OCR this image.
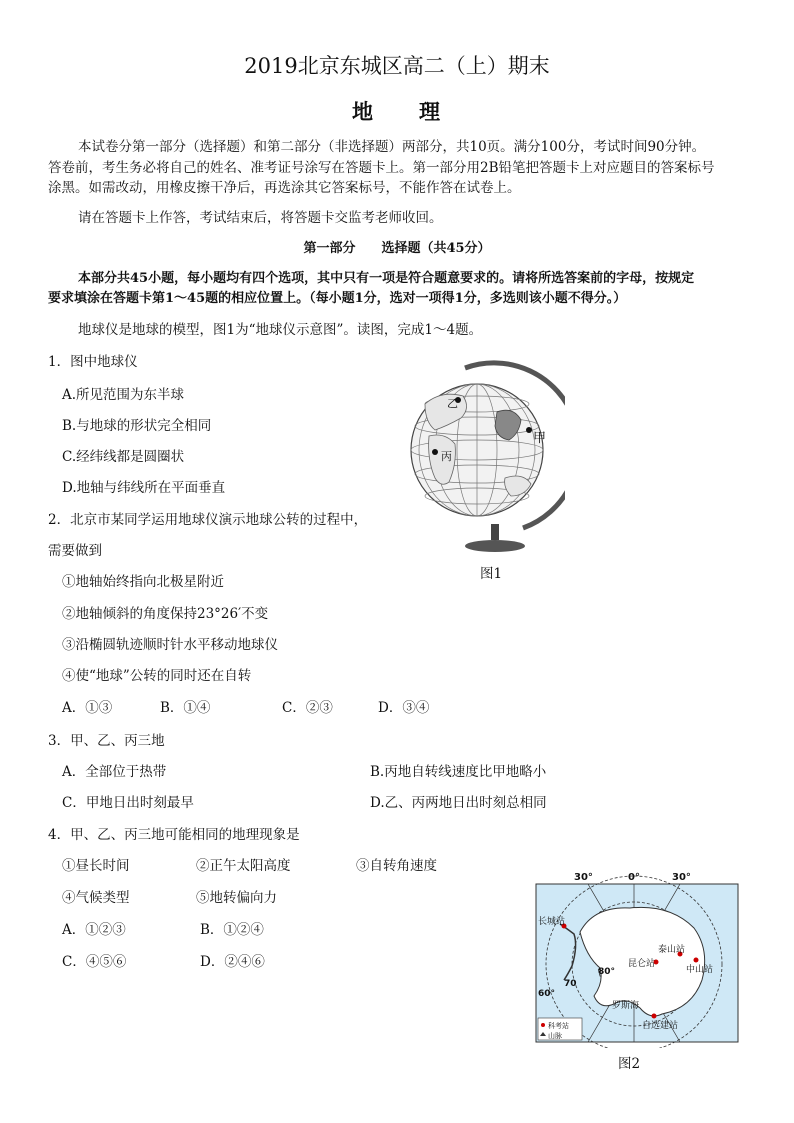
2019北京东城区高二（上）期末
地 理
本试卷分第一部分（选择题）和第二部分（非选择题）两部分，共10页。满分100分，考试时间90分钟。
答卷前，考生务必将自己的姓名、准考证号涂写在答题卡上。第一部分用2B铅笔把答题卡上对应题目的答案标号
涂黑。如需改动，用橡皮擦干净后，再选涂其它答案标号，不能作答在试卷上。
请在答题卡上作答，考试结束后，将答题卡交监考老师收回。
第一部分　　选择题（共45分）
本部分共45小题，每小题均有四个选项，其中只有一项是符合题意要求的。请将所选答案前的字母，按规定
要求填涂在答题卡第1～45题的相应位置上。（每小题1分，选对一项得1分，多选则该小题不得分。）
地球仪是地球的模型，图1为“地球仪示意图”。读图，完成1～4题。
1．图中地球仪
A.所见范围为东半球
B.与地球的形状完全相同
C.经纬线都是圆圈状
D.地轴与纬线所在平面垂直
2．北京市某同学运用地球仪演示地球公转的过程中，
需要做到
①地轴始终指向北极星附近
②地轴倾斜的角度保持23°26′不变
③沿椭圆轨迹顺时针水平移动地球仪
④使“地球”公转的同时还在自转
A．①③	B．①④	C．②③	D．③④
3．甲、乙、丙三地
A．全部位于热带	B.丙地自转线速度比甲地略小
C．甲地日出时刻最早	D.乙、丙两地日出时刻总相同
4．甲、乙、丙三地可能相同的地理现象是
①昼长时间	②正午太阳高度	③自转角速度
④气候类型	⑤地转偏向力
A．①②③	B．①②④
C．④⑤⑥	D．②④⑥
乙
甲
丙
图1
30°	0°	30°
长城站
昆仑站
泰山站
中山站
80°
70
60°
罗斯海
自选建站
科考站
山脉
图2
